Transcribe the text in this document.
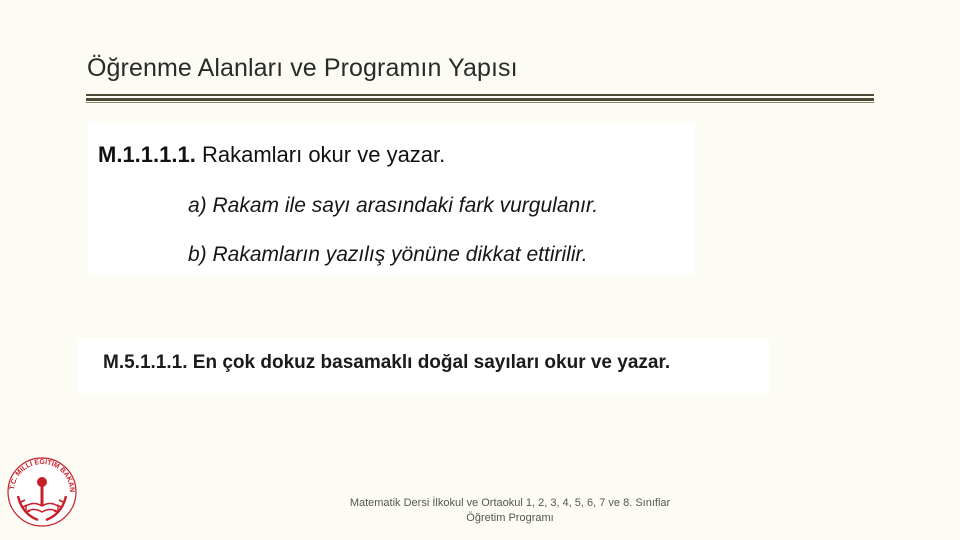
Öğrenme Alanları ve Programın Yapısı
M.1.1.1.1. Rakamları okur ve yazar.
a) Rakam ile sayı arasındaki fark vurgulanır.
b) Rakamların yazılış yönüne dikkat ettirilir.
M.5.1.1.1. En çok dokuz basamaklı doğal sayıları okur ve yazar.
T.C. MİLLİ EĞİTİM BAKAN
Matematik Dersi İlkokul ve Ortaokul 1, 2, 3, 4, 5, 6, 7 ve 8. Sınıflar
Öğretim Programı
